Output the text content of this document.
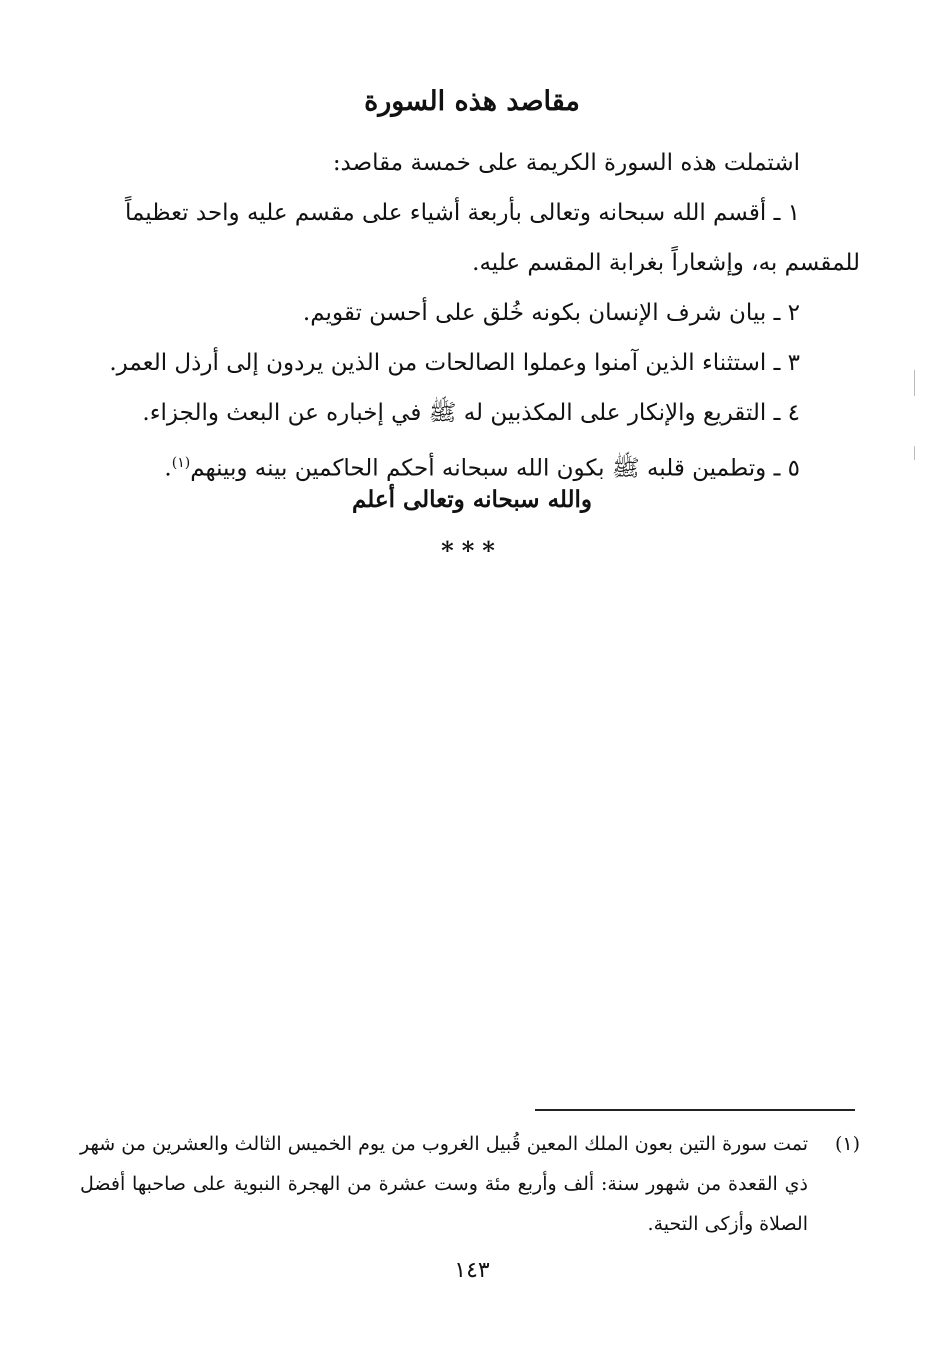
مقاصد هذه السورة

اشتملت هذه السورة الكريمة على خمسة مقاصد:

١ ـ أقسم الله سبحانه وتعالى بأربعة أشياء على مقسم عليه واحد تعظيماً
للمقسم به، وإشعاراً بغرابة المقسم عليه.

٢ ـ بيان شرف الإنسان بكونه خُلق على أحسن تقويم.

٣ ـ استثناء الذين آمنوا وعملوا الصالحات من الذين يردون إلى أرذل العمر.

٤ ـ التقريع والإنكار على المكذبين له ﷺ في إخباره عن البعث والجزاء.

٥ ـ وتطمين قلبه ﷺ بكون الله سبحانه أحكم الحاكمين بينه وبينهم$^{(١)}$.

والله سبحانه وتعالى أعلم

***

(١)
تمت سورة التين بعون الملك المعين قُبيل الغروب من يوم الخميس الثالث والعشرين من شهر ذي القعدة من شهور سنة: ألف وأربع مئة وست عشرة من الهجرة النبوية على صاحبها أفضل الصلاة وأزكى التحية.

١٤٣
